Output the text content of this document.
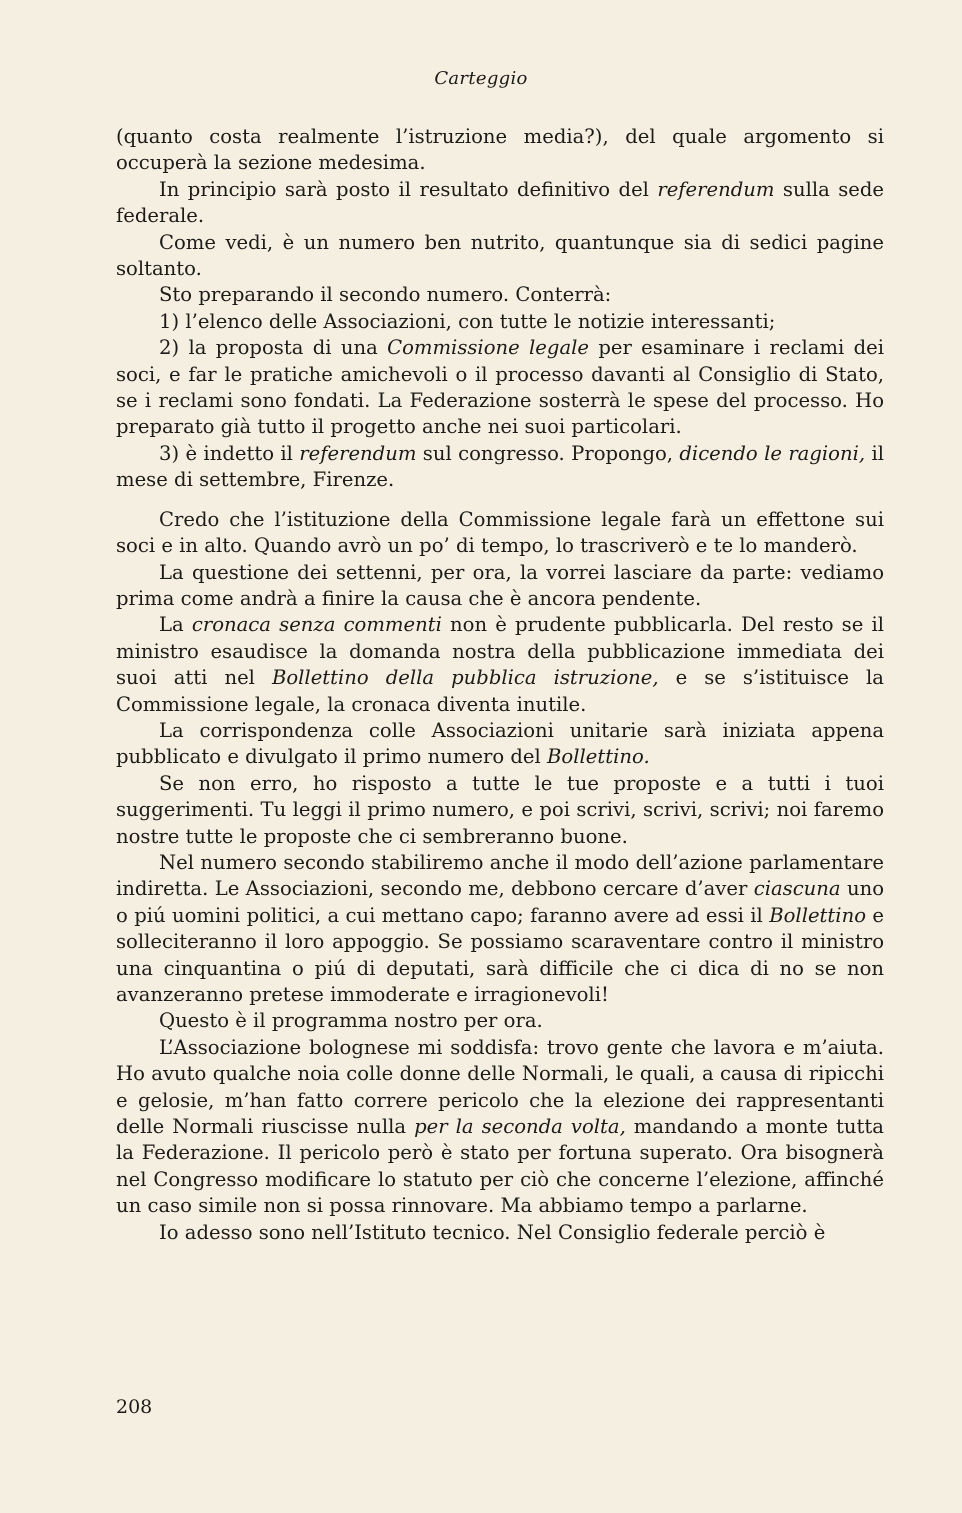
Carteggio

(quanto costa realmente l’istruzione media?), del quale argomento si occuperà la sezione medesima.

In principio sarà posto il resultato definitivo del referendum sulla sede federale.

Come vedi, è un numero ben nutrito, quantunque sia di sedici pagine soltanto.

Sto preparando il secondo numero. Conterrà:

1) l’elenco delle Associazioni, con tutte le notizie interessanti;

2) la proposta di una Commissione legale per esaminare i reclami dei soci, e far le pratiche amichevoli o il processo davanti al Consiglio di Stato, se i reclami sono fondati. La Federazione sosterrà le spese del processo. Ho preparato già tutto il progetto anche nei suoi particolari.

3) è indetto il referendum sul congresso. Propongo, dicendo le ragioni, il mese di settembre, Firenze.

Credo che l’istituzione della Commissione legale farà un effettone sui soci e in alto. Quando avrò un po’ di tempo, lo trascriverò e te lo manderò.

La questione dei settenni, per ora, la vorrei lasciare da parte: vediamo prima come andrà a finire la causa che è ancora pendente.

La cronaca senza commenti non è prudente pubblicarla. Del resto se il ministro esaudisce la domanda nostra della pubblicazione immediata dei suoi atti nel Bollettino della pubblica istruzione, e se s’istituisce la Commissione legale, la cronaca diventa inutile.

La corrispondenza colle Associazioni unitarie sarà iniziata appena pubblicato e divulgato il primo numero del Bollettino.

Se non erro, ho risposto a tutte le tue proposte e a tutti i tuoi suggerimenti. Tu leggi il primo numero, e poi scrivi, scrivi, scrivi; noi faremo nostre tutte le proposte che ci sembreranno buone.

Nel numero secondo stabiliremo anche il modo dell’azione parlamentare indiretta. Le Associazioni, secondo me, debbono cercare d’aver ciascuna uno o piú uomini politici, a cui mettano capo; faranno avere ad essi il Bollettino e solleciteranno il loro appoggio. Se possiamo scaraventare contro il ministro una cinquantina o piú di deputati, sarà difficile che ci dica di no se non avanzeranno pretese immoderate e irragionevoli!

Questo è il programma nostro per ora.

L’Associazione bolognese mi soddisfa: trovo gente che lavora e m’aiuta. Ho avuto qualche noia colle donne delle Normali, le quali, a causa di ripicchi e gelosie, m’han fatto correre pericolo che la elezione dei rappresentanti delle Normali riuscisse nulla per la seconda volta, mandando a monte tutta la Federazione. Il pericolo però è stato per fortuna superato. Ora bisognerà nel Congresso modificare lo statuto per ciò che concerne l’elezione, affinché un caso simile non si possa rinnovare. Ma abbiamo tempo a parlarne.

Io adesso sono nell’Istituto tecnico. Nel Consiglio federale perciò è

208
